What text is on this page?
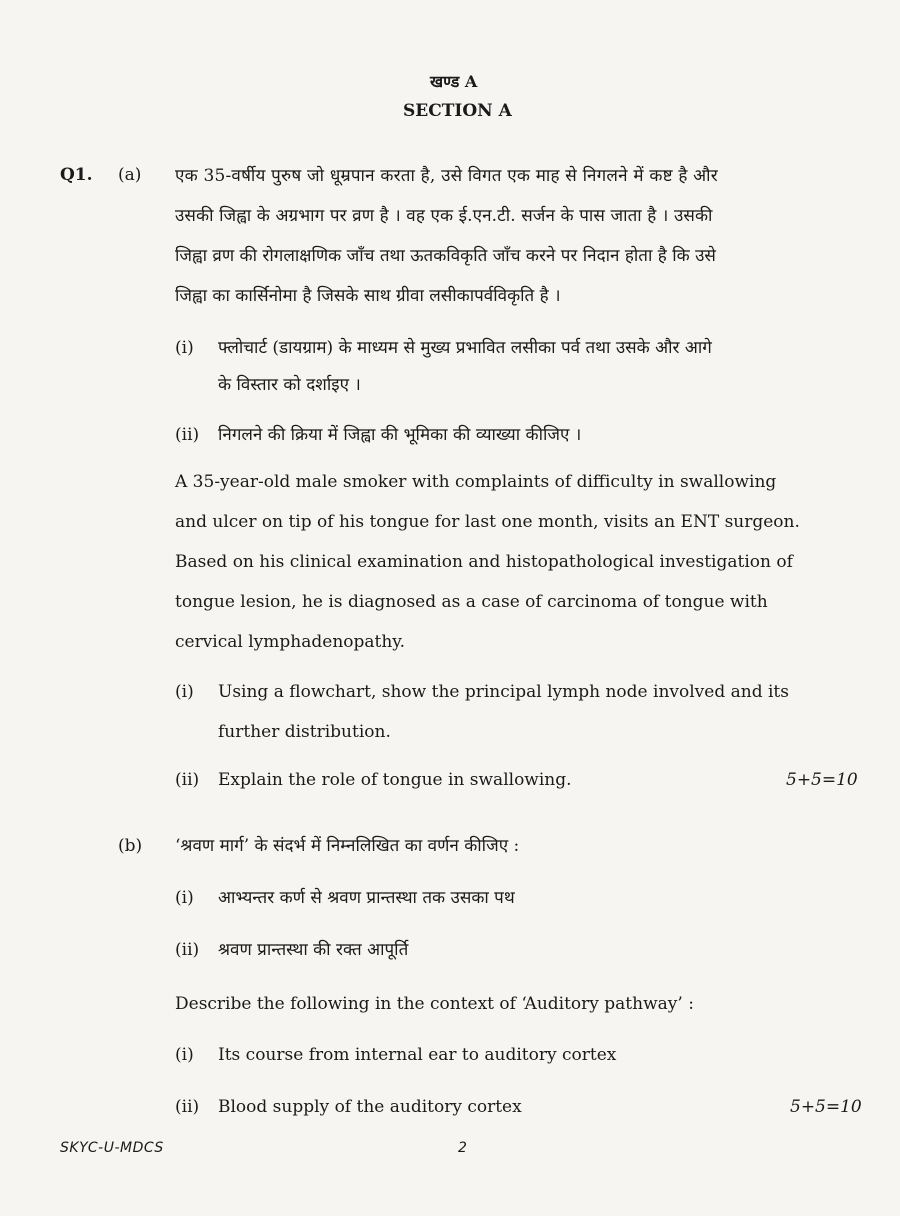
खण्ड A
SECTION A
Q1. (a) एक 35-वर्षीय पुरुष जो धूम्रपान करता है, उसे विगत एक माह से निगलने में कष्ट है और
उसकी जिह्वा के अग्रभाग पर व्रण है । वह एक ई.एन.टी. सर्जन के पास जाता है । उसकी
जिह्वा व्रण की रोगलाक्षणिक जाँच तथा ऊतकविकृति जाँच करने पर निदान होता है कि उसे
जिह्वा का कार्सिनोमा है जिसके साथ ग्रीवा लसीकापर्वविकृति है ।
(i) फ्लोचार्ट (डायग्राम) के माध्यम से मुख्य प्रभावित लसीका पर्व तथा उसके और आगे
के विस्तार को दर्शाइए ।
(ii) निगलने की क्रिया में जिह्वा की भूमिका की व्याख्या कीजिए ।
A 35-year-old male smoker with complaints of difficulty in swallowing
and ulcer on tip of his tongue for last one month, visits an ENT surgeon.
Based on his clinical examination and histopathological investigation of
tongue lesion, he is diagnosed as a case of carcinoma of tongue with
cervical lymphadenopathy.
(i) Using a flowchart, show the principal lymph node involved and its
further distribution.
(ii) Explain the role of tongue in swallowing.	5+5=10
(b) ‘श्रवण मार्ग’ के संदर्भ में निम्नलिखित का वर्णन कीजिए :
(i) आभ्यन्तर कर्ण से श्रवण प्रान्तस्था तक उसका पथ
(ii) श्रवण प्रान्तस्था की रक्त आपूर्ति
Describe the following in the context of ‘Auditory pathway’ :
(i) Its course from internal ear to auditory cortex
(ii) Blood supply of the auditory cortex	5+5=10
SKYC-U-MDCS	2
